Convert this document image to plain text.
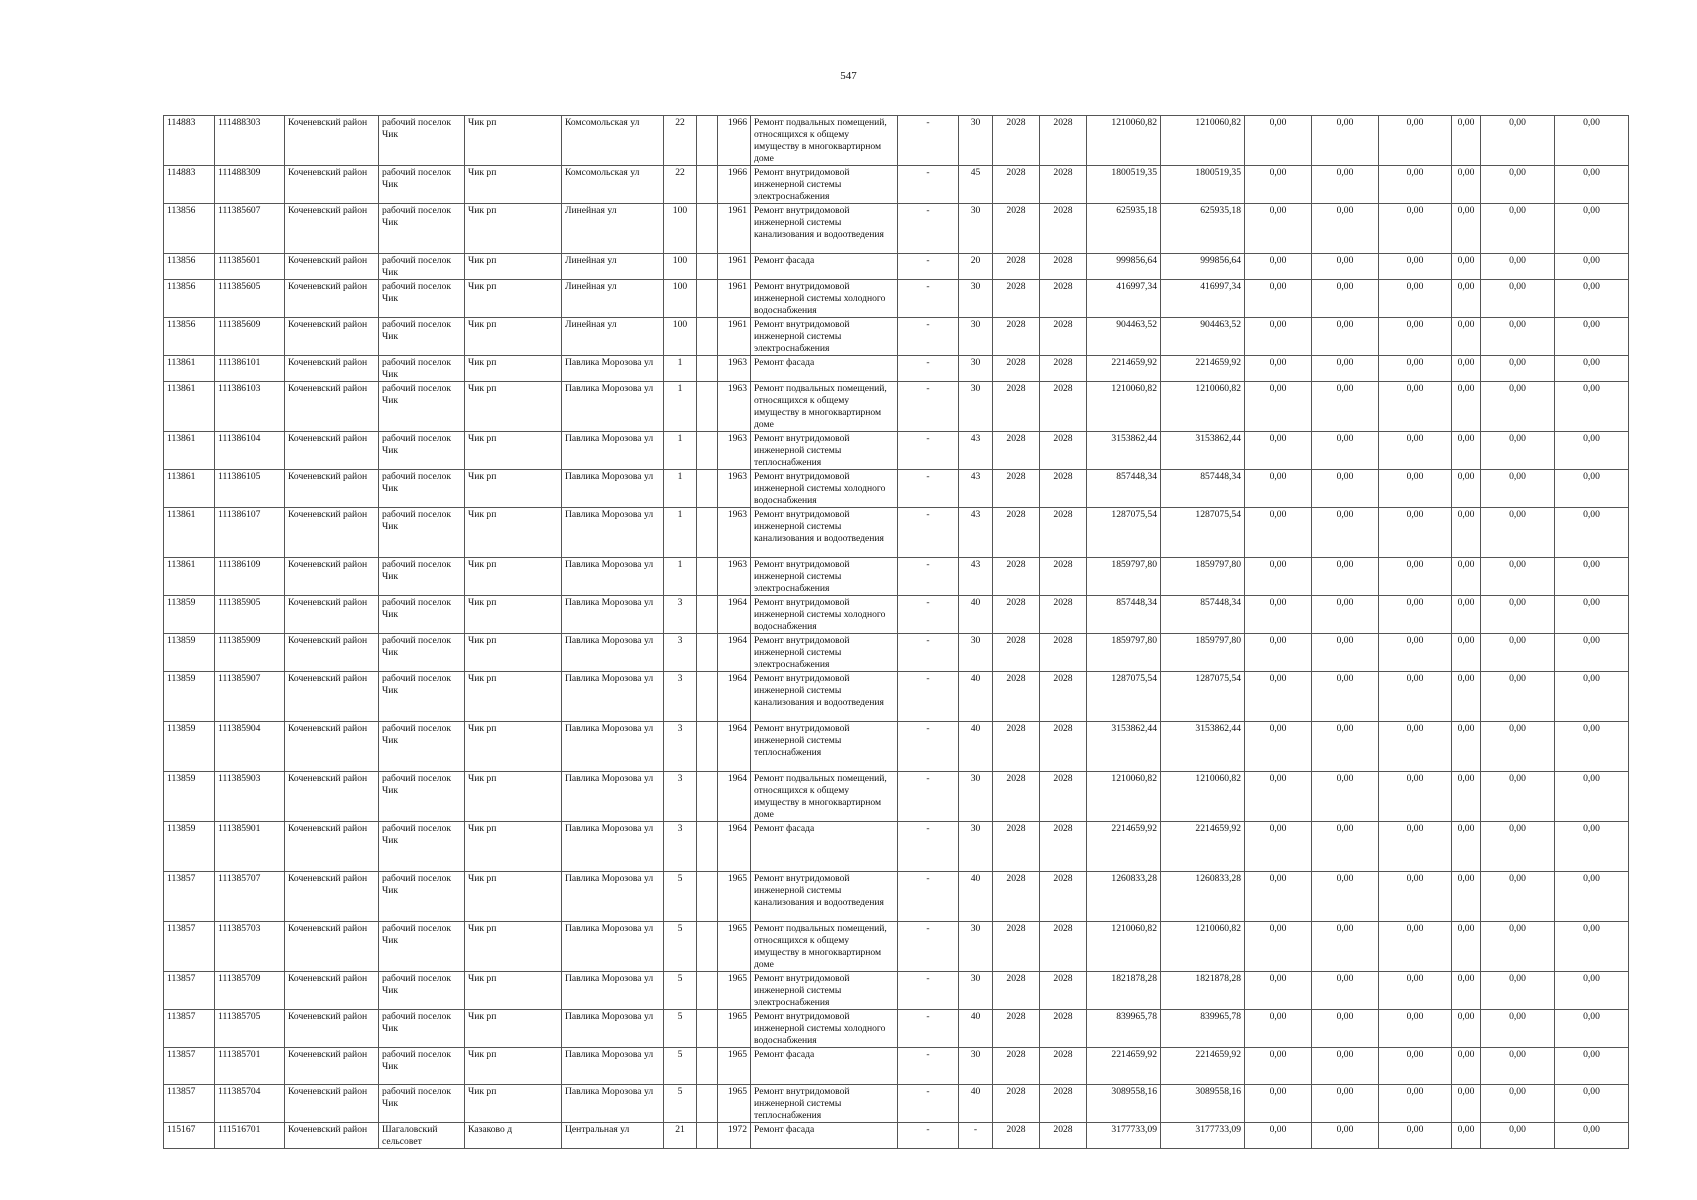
547
114883	111488303	Коченевский район	рабочий поселок Чик	Чик рп	Комсомольская ул	22		1966	Ремонт подвальных помещений, относящихся к общему имуществу в многоквартирном доме	-	30	2028	2028	1210060,82	1210060,82	0,00	0,00	0,00	0,00	0,00	0,00
114883	111488309	Коченевский район	рабочий поселок Чик	Чик рп	Комсомольская ул	22		1966	Ремонт внутридомовой инженерной системы электроснабжения	-	45	2028	2028	1800519,35	1800519,35	0,00	0,00	0,00	0,00	0,00	0,00
113856	111385607	Коченевский район	рабочий поселок Чик	Чик рп	Линейная ул	100		1961	Ремонт внутридомовой инженерной системы канализования и водоотведения	-	30	2028	2028	625935,18	625935,18	0,00	0,00	0,00	0,00	0,00	0,00
113856	111385601	Коченевский район	рабочий поселок Чик	Чик рп	Линейная ул	100		1961	Ремонт фасада	-	20	2028	2028	999856,64	999856,64	0,00	0,00	0,00	0,00	0,00	0,00
113856	111385605	Коченевский район	рабочий поселок Чик	Чик рп	Линейная ул	100		1961	Ремонт внутридомовой инженерной системы холодного водоснабжения	-	30	2028	2028	416997,34	416997,34	0,00	0,00	0,00	0,00	0,00	0,00
113856	111385609	Коченевский район	рабочий поселок Чик	Чик рп	Линейная ул	100		1961	Ремонт внутридомовой инженерной системы электроснабжения	-	30	2028	2028	904463,52	904463,52	0,00	0,00	0,00	0,00	0,00	0,00
113861	111386101	Коченевский район	рабочий поселок Чик	Чик рп	Павлика Морозова ул	1		1963	Ремонт фасада	-	30	2028	2028	2214659,92	2214659,92	0,00	0,00	0,00	0,00	0,00	0,00
113861	111386103	Коченевский район	рабочий поселок Чик	Чик рп	Павлика Морозова ул	1		1963	Ремонт подвальных помещений, относящихся к общему имуществу в многоквартирном доме	-	30	2028	2028	1210060,82	1210060,82	0,00	0,00	0,00	0,00	0,00	0,00
113861	111386104	Коченевский район	рабочий поселок Чик	Чик рп	Павлика Морозова ул	1		1963	Ремонт внутридомовой инженерной системы теплоснабжения	-	43	2028	2028	3153862,44	3153862,44	0,00	0,00	0,00	0,00	0,00	0,00
113861	111386105	Коченевский район	рабочий поселок Чик	Чик рп	Павлика Морозова ул	1		1963	Ремонт внутридомовой инженерной системы холодного водоснабжения	-	43	2028	2028	857448,34	857448,34	0,00	0,00	0,00	0,00	0,00	0,00
113861	111386107	Коченевский район	рабочий поселок Чик	Чик рп	Павлика Морозова ул	1		1963	Ремонт внутридомовой инженерной системы канализования и водоотведения	-	43	2028	2028	1287075,54	1287075,54	0,00	0,00	0,00	0,00	0,00	0,00
113861	111386109	Коченевский район	рабочий поселок Чик	Чик рп	Павлика Морозова ул	1		1963	Ремонт внутридомовой инженерной системы электроснабжения	-	43	2028	2028	1859797,80	1859797,80	0,00	0,00	0,00	0,00	0,00	0,00
113859	111385905	Коченевский район	рабочий поселок Чик	Чик рп	Павлика Морозова ул	3		1964	Ремонт внутридомовой инженерной системы холодного водоснабжения	-	40	2028	2028	857448,34	857448,34	0,00	0,00	0,00	0,00	0,00	0,00
113859	111385909	Коченевский район	рабочий поселок Чик	Чик рп	Павлика Морозова ул	3		1964	Ремонт внутридомовой инженерной системы электроснабжения	-	30	2028	2028	1859797,80	1859797,80	0,00	0,00	0,00	0,00	0,00	0,00
113859	111385907	Коченевский район	рабочий поселок Чик	Чик рп	Павлика Морозова ул	3		1964	Ремонт внутридомовой инженерной системы канализования и водоотведения	-	40	2028	2028	1287075,54	1287075,54	0,00	0,00	0,00	0,00	0,00	0,00
113859	111385904	Коченевский район	рабочий поселок Чик	Чик рп	Павлика Морозова ул	3		1964	Ремонт внутридомовой инженерной системы теплоснабжения	-	40	2028	2028	3153862,44	3153862,44	0,00	0,00	0,00	0,00	0,00	0,00
113859	111385903	Коченевский район	рабочий поселок Чик	Чик рп	Павлика Морозова ул	3		1964	Ремонт подвальных помещений, относящихся к общему имуществу в многоквартирном доме	-	30	2028	2028	1210060,82	1210060,82	0,00	0,00	0,00	0,00	0,00	0,00
113859	111385901	Коченевский район	рабочий поселок Чик	Чик рп	Павлика Морозова ул	3		1964	Ремонт фасада	-	30	2028	2028	2214659,92	2214659,92	0,00	0,00	0,00	0,00	0,00	0,00
113857	111385707	Коченевский район	рабочий поселок Чик	Чик рп	Павлика Морозова ул	5		1965	Ремонт внутридомовой инженерной системы канализования и водоотведения	-	40	2028	2028	1260833,28	1260833,28	0,00	0,00	0,00	0,00	0,00	0,00
113857	111385703	Коченевский район	рабочий поселок Чик	Чик рп	Павлика Морозова ул	5		1965	Ремонт подвальных помещений, относящихся к общему имуществу в многоквартирном доме	-	30	2028	2028	1210060,82	1210060,82	0,00	0,00	0,00	0,00	0,00	0,00
113857	111385709	Коченевский район	рабочий поселок Чик	Чик рп	Павлика Морозова ул	5		1965	Ремонт внутридомовой инженерной системы электроснабжения	-	30	2028	2028	1821878,28	1821878,28	0,00	0,00	0,00	0,00	0,00	0,00
113857	111385705	Коченевский район	рабочий поселок Чик	Чик рп	Павлика Морозова ул	5		1965	Ремонт внутридомовой инженерной системы холодного водоснабжения	-	40	2028	2028	839965,78	839965,78	0,00	0,00	0,00	0,00	0,00	0,00
113857	111385701	Коченевский район	рабочий поселок Чик	Чик рп	Павлика Морозова ул	5		1965	Ремонт фасада	-	30	2028	2028	2214659,92	2214659,92	0,00	0,00	0,00	0,00	0,00	0,00
113857	111385704	Коченевский район	рабочий поселок Чик	Чик рп	Павлика Морозова ул	5		1965	Ремонт внутридомовой инженерной системы теплоснабжения	-	40	2028	2028	3089558,16	3089558,16	0,00	0,00	0,00	0,00	0,00	0,00
115167	111516701	Коченевский район	Шагаловский сельсовет	Казаково д	Центральная ул	21		1972	Ремонт фасада	-	-	2028	2028	3177733,09	3177733,09	0,00	0,00	0,00	0,00	0,00	0,00
